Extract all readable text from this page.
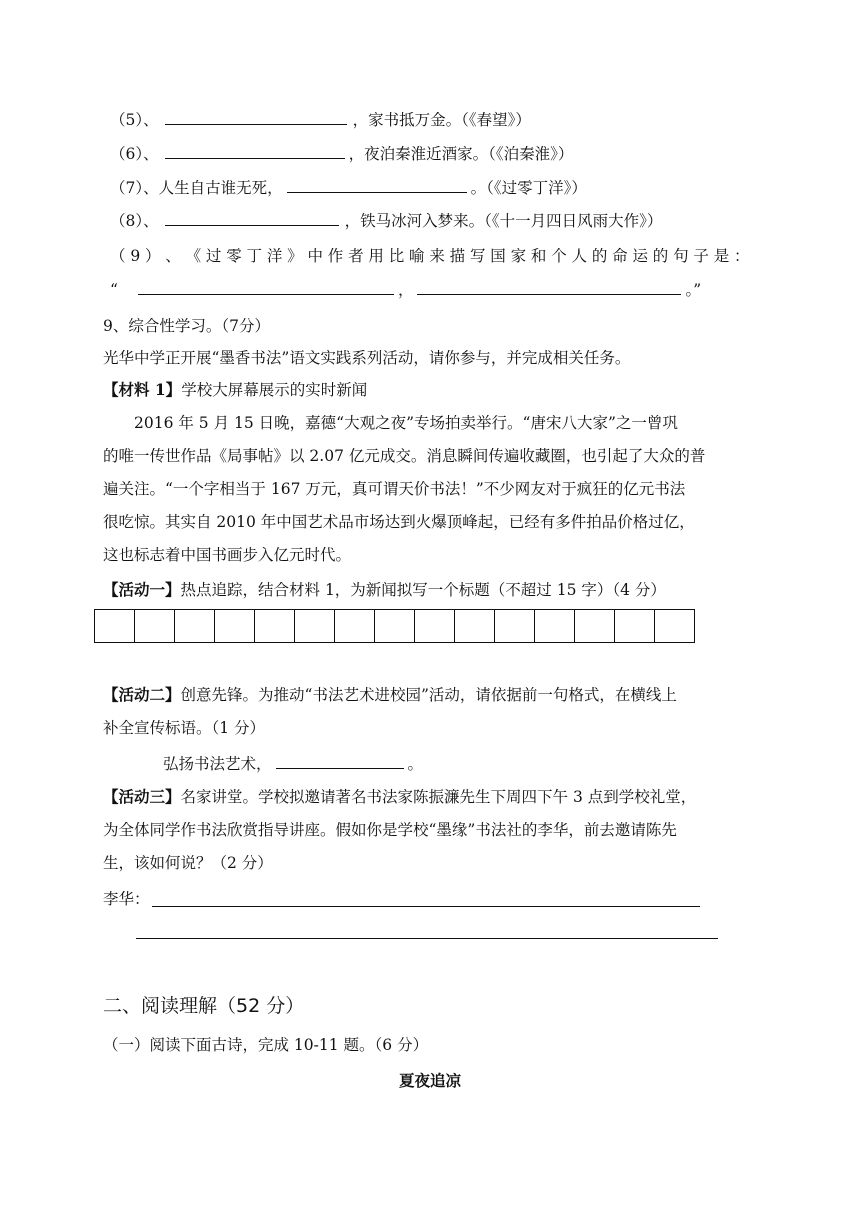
（5）、	，家书抵万金。（《春望》）
（6）、	，夜泊秦淮近酒家。（《泊秦淮》）
（7）、人生自古谁无死，	。（《过零丁洋》）
（8）、	，铁马冰河入梦来。（《十一月四日风雨大作》）
（ 9 ） 、 《 过 零 丁 洋 》 中 作 者 用 比 喻 来 描 写 国 家 和 个 人 的 命 运 的 句 子 是 ：
“	，	。”
9、综合性学习。（7分）
光华中学正开展“墨香书法”语文实践系列活动，请你参与，并完成相关任务。
【材料 1】学校大屏幕展示的实时新闻
2016 年 5 月 15 日晚，嘉德“大观之夜”专场拍卖举行。“唐宋八大家”之一曾巩
的唯一传世作品《局事帖》以 2.07 亿元成交。消息瞬间传遍收藏圈，也引起了大众的普
遍关注。“一个字相当于 167 万元，真可谓天价书法！”不少网友对于疯狂的亿元书法
很吃惊。其实自 2010 年中国艺术品市场达到火爆顶峰起，已经有多件拍品价格过亿，
这也标志着中国书画步入亿元时代。
【活动一】热点追踪，结合材料 1，为新闻拟写一个标题（不超过 15 字）（4 分）
【活动二】创意先锋。为推动“书法艺术进校园”活动，请依据前一句格式，在横线上
补全宣传标语。（1 分）
弘扬书法艺术，	。
【活动三】名家讲堂。学校拟邀请著名书法家陈振濂先生下周四下午 3 点到学校礼堂，
为全体同学作书法欣赏指导讲座。假如你是学校“墨缘”书法社的李华，前去邀请陈先
生，该如何说？（2 分）
李华：
二、阅读理解（52 分）
（一）阅读下面古诗，完成 10-11 题。（6 分）
夏夜追凉
